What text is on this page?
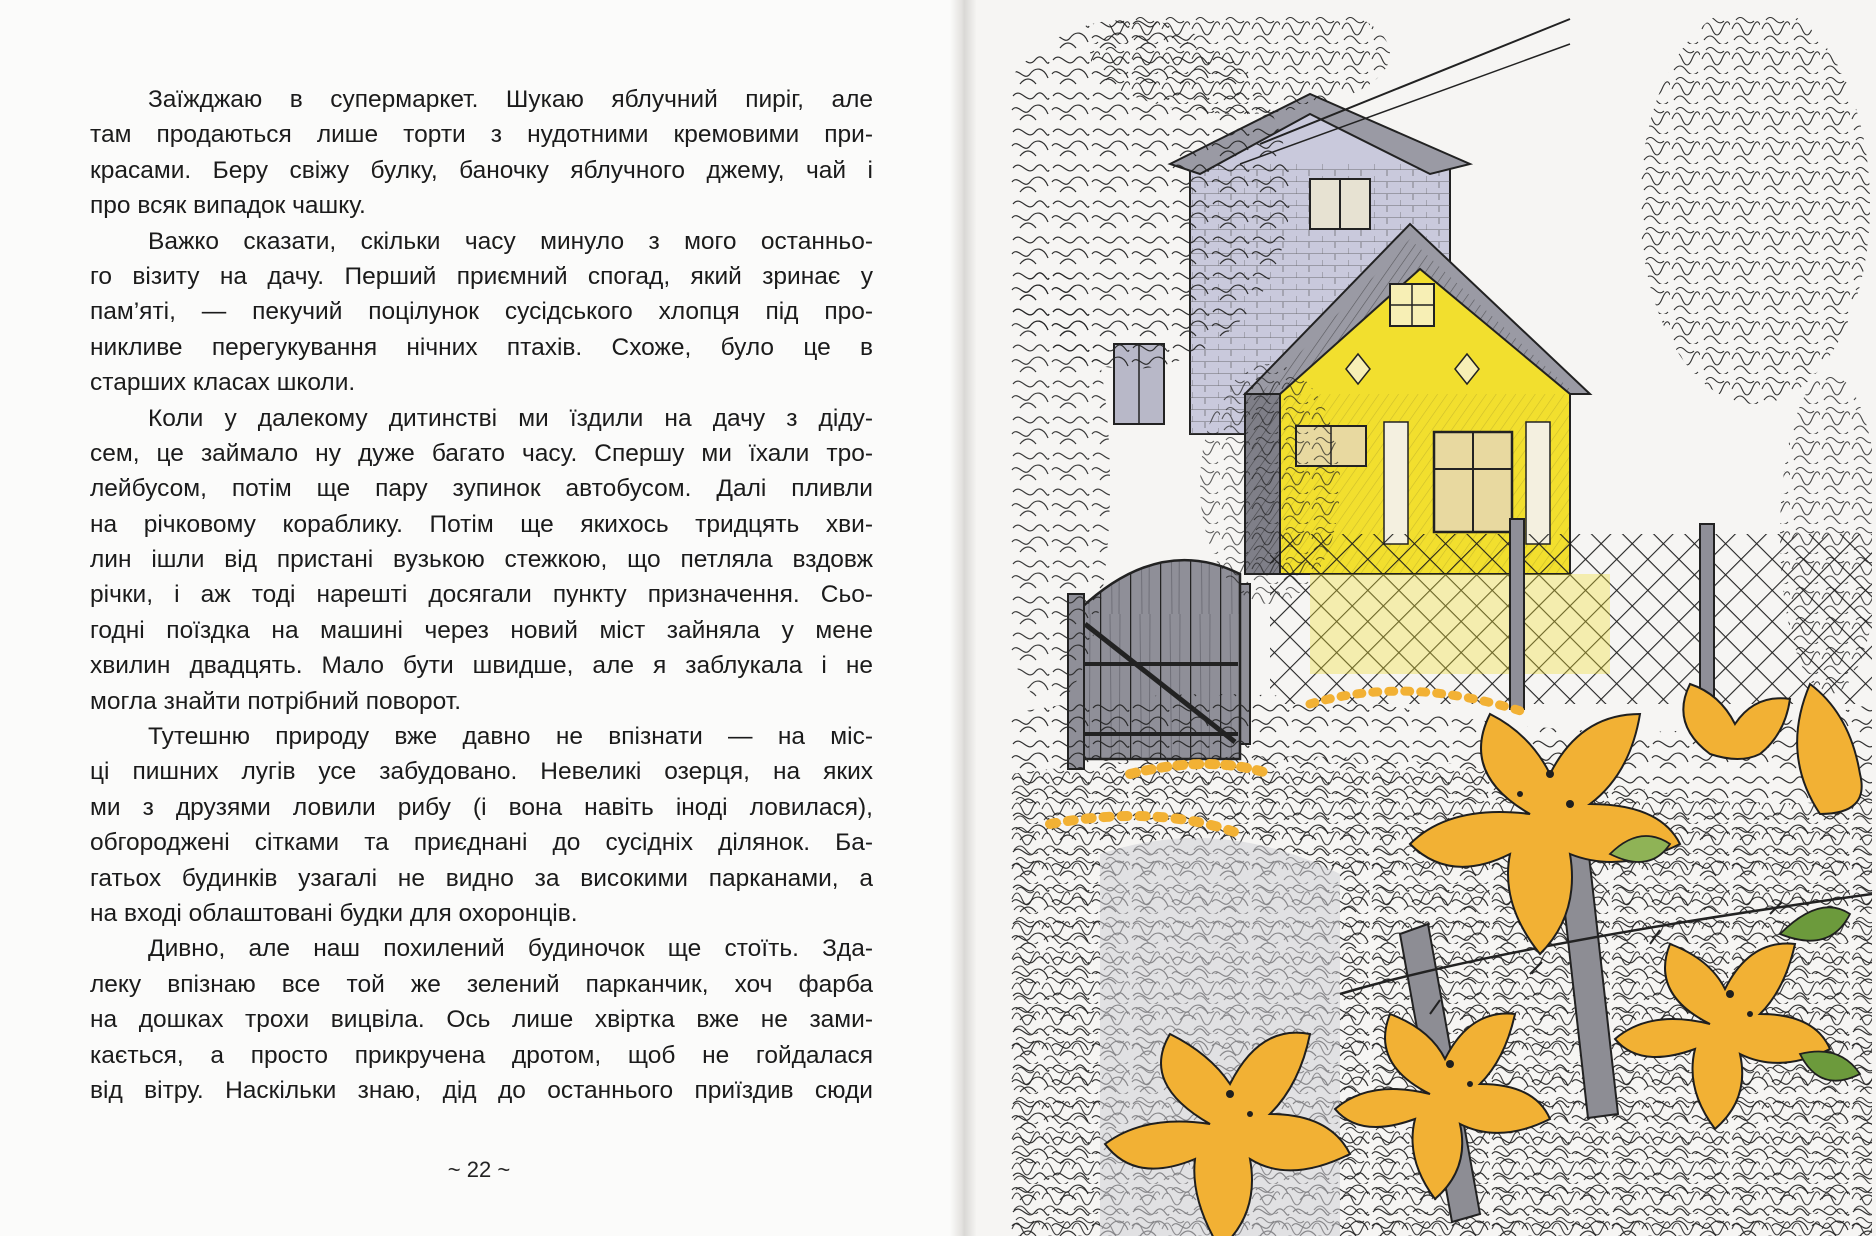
Заїжджаю в супермаркет. Шукаю яблучний пиріг, але
там продаються лише торти з нудотними кремовими при-
красами. Беру свіжу булку, баночку яблучного джему, чай і
про всяк випадок чашку.
Важко сказати, скільки часу минуло з мого останньо-
го візиту на дачу. Перший приємний спогад, який зринає у
пам’яті, — пекучий поцілунок сусідського хлопця під про-
никливе перегукування нічних птахів. Схоже, було це в
старших класах школи.
Коли у далекому дитинстві ми їздили на дачу з діду-
сем, це займало ну дуже багато часу. Спершу ми їхали тро-
лейбусом, потім ще пару зупинок автобусом. Далі пливли
на річковому кораблику. Потім ще якихось тридцять хви-
лин ішли від пристані вузькою стежкою, що петляла вздовж
річки, і аж тоді нарешті досягали пункту призначення. Сьо-
годні поїздка на машині через новий міст зайняла у мене
хвилин двадцять. Мало бути швидше, але я заблукала і не
могла знайти потрібний поворот.
Тутешню природу вже давно не впізнати — на міс-
ці пишних лугів усе забудовано. Невеликі озерця, на яких
ми з друзями ловили рибу (і вона навіть іноді ловилася),
обгороджені сітками та приєднані до сусідніх ділянок. Ба-
гатьох будинків узагалі не видно за високими парканами, а
на вході облаштовані будки для охоронців.
Дивно, але наш похилений будиночок ще стоїть. Зда-
леку впізнаю все той же зелений парканчик, хоч фарба
на дошках трохи вицвіла. Ось лише хвіртка вже не зами-
кається, а просто прикручена дротом, щоб не гойдалася
від вітру. Наскільки знаю, дід до останнього приїздив сюди
~ 22 ~
